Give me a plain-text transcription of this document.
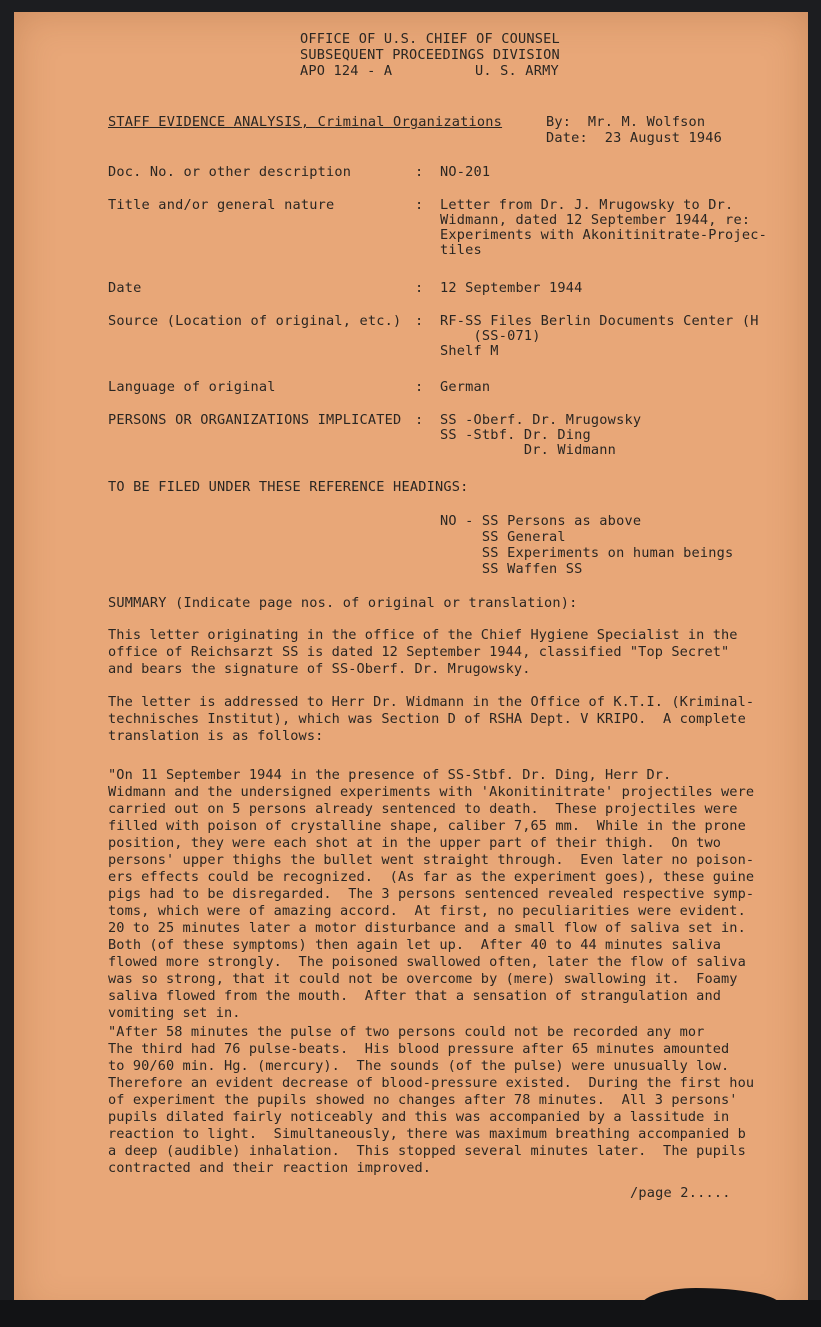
OFFICE OF U.S. CHIEF OF COUNSEL
SUBSEQUENT PROCEEDINGS DIVISION
APO 124 - A	U. S. ARMY
STAFF EVIDENCE ANALYSIS, Criminal Organizations	By:  Mr. M. Wolfson
Date:  23 August 1946
Doc. No. or other description	: NO-201
Title and/or general nature	: Letter from Dr. J. Mrugowsky to Dr.
Widmann, dated 12 September 1944, re:
Experiments with Akonitinitrate-Projec-
tiles
Date	: 12 September 1944
Source (Location of original, etc.) : RF-SS Files Berlin Documents Center (H
(SS-071)
Shelf M
Language of original	: German
PERSONS OR ORGANIZATIONS IMPLICATED : SS -Oberf. Dr. Mrugowsky
SS -Stbf. Dr. Ding
Dr. Widmann
TO BE FILED UNDER THESE REFERENCE HEADINGS:
NO - SS Persons as above
SS General
SS Experiments on human beings
SS Waffen SS
SUMMARY (Indicate page nos. of original or translation):
This letter originating in the office of the Chief Hygiene Specialist in the
office of Reichsarzt SS is dated 12 September 1944, classified "Top Secret"
and bears the signature of SS-Oberf. Dr. Mrugowsky.
The letter is addressed to Herr Dr. Widmann in the Office of K.T.I. (Kriminal-
technisches Institut), which was Section D of RSHA Dept. V KRIPO.  A complete
translation is as follows:
"On 11 September 1944 in the presence of SS-Stbf. Dr. Ding, Herr Dr.
Widmann and the undersigned experiments with 'Akonitinitrate' projectiles were
carried out on 5 persons already sentenced to death.  These projectiles were
filled with poison of crystalline shape, caliber 7,65 mm.  While in the prone
position, they were each shot at in the upper part of their thigh.  On two
persons' upper thighs the bullet went straight through.  Even later no poison-
ers effects could be recognized.  (As far as the experiment goes), these guine
pigs had to be disregarded.  The 3 persons sentenced revealed respective symp-
toms, which were of amazing accord.  At first, no peculiarities were evident.
20 to 25 minutes later a motor disturbance and a small flow of saliva set in.
Both (of these symptoms) then again let up.  After 40 to 44 minutes saliva
flowed more strongly.  The poisoned swallowed often, later the flow of saliva
was so strong, that it could not be overcome by (mere) swallowing it.  Foamy
saliva flowed from the mouth.  After that a sensation of strangulation and
vomiting set in.
"After 58 minutes the pulse of two persons could not be recorded any mor
The third had 76 pulse-beats.  His blood pressure after 65 minutes amounted
to 90/60 min. Hg. (mercury).  The sounds (of the pulse) were unusually low.
Therefore an evident decrease of blood-pressure existed.  During the first hou
of experiment the pupils showed no changes after 78 minutes.  All 3 persons'
pupils dilated fairly noticeably and this was accompanied by a lassitude in
reaction to light.  Simultaneously, there was maximum breathing accompanied b
a deep (audible) inhalation.  This stopped several minutes later.  The pupils
contracted and their reaction improved.
/page 2.....
